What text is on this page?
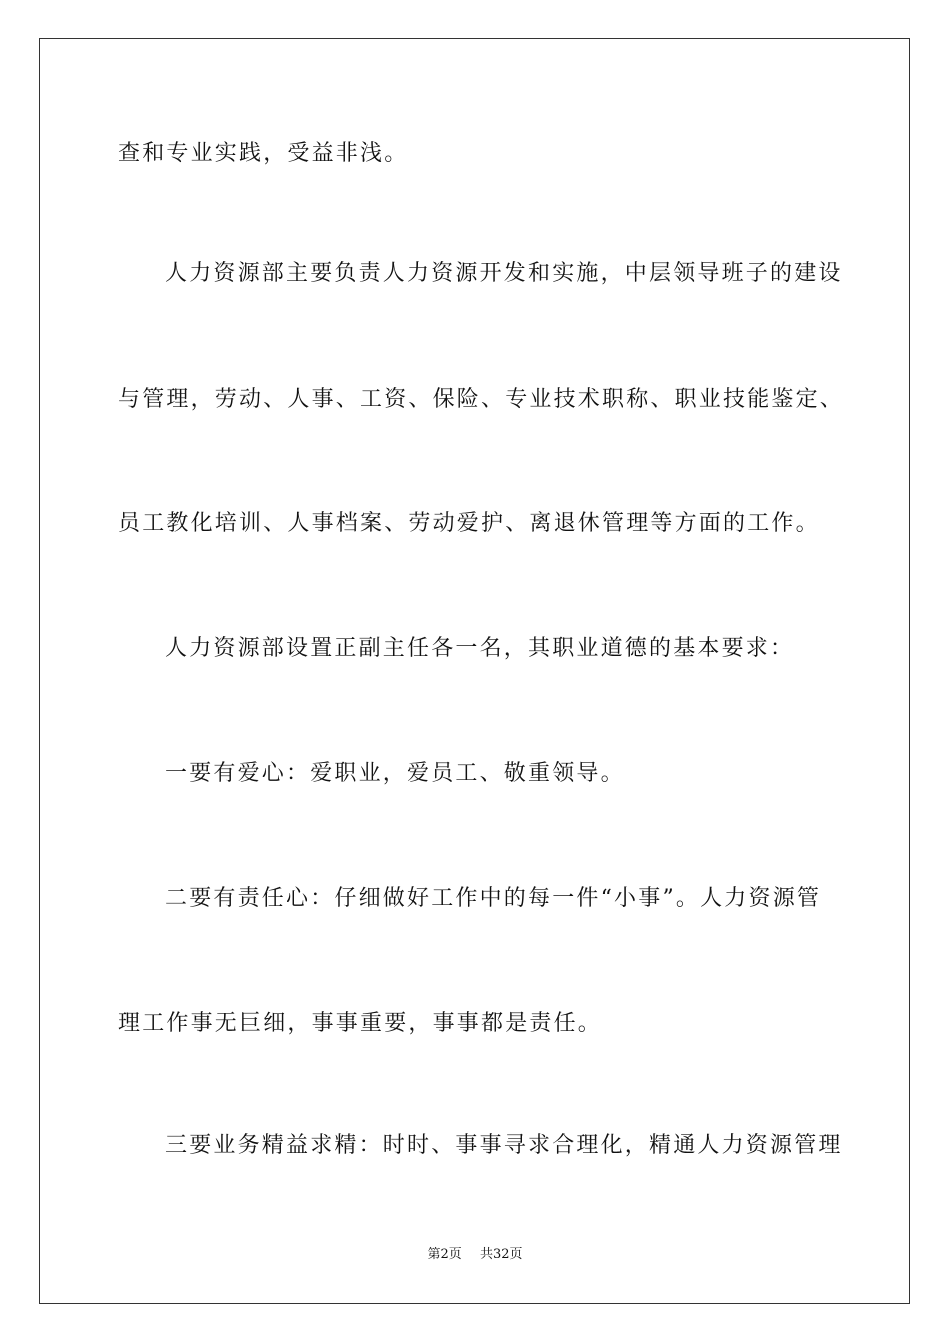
查和专业实践，受益非浅。
人力资源部主要负责人力资源开发和实施，中层领导班子的建设
与管理，劳动、人事、工资、保险、专业技术职称、职业技能鉴定、
员工教化培训、人事档案、劳动爱护、离退休管理等方面的工作。
人力资源部设置正副主任各一名，其职业道德的基本要求：
一要有爱心：爱职业，爱员工、敬重领导。
二要有责任心：仔细做好工作中的每一件“小事”。人力资源管
理工作事无巨细，事事重要，事事都是责任。
三要业务精益求精：时时、事事寻求合理化，精通人力资源管理
第2页 共32页
